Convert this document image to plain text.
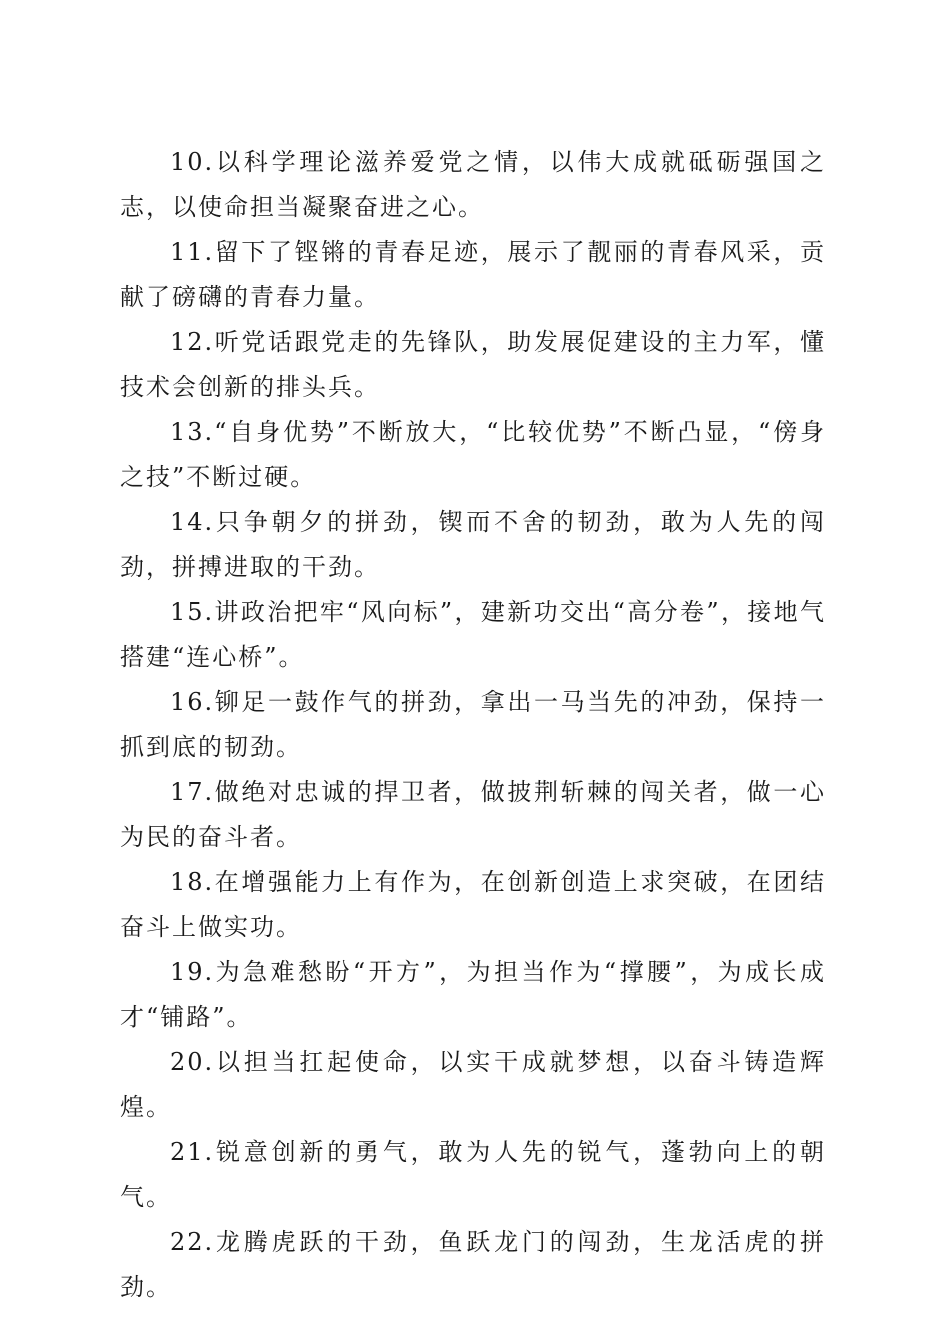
10.以科学理论滋养爱党之情，以伟大成就砥砺强国之志，以使命担当凝聚奋进之心。

11.留下了铿锵的青春足迹，展示了靓丽的青春风采，贡献了磅礴的青春力量。

12.听党话跟党走的先锋队，助发展促建设的主力军，懂技术会创新的排头兵。

13.“自身优势”不断放大，“比较优势”不断凸显，“傍身之技”不断过硬。

14.只争朝夕的拼劲，锲而不舍的韧劲，敢为人先的闯劲，拼搏进取的干劲。

15.讲政治把牢“风向标”，建新功交出“高分卷”，接地气搭建“连心桥”。

16.铆足一鼓作气的拼劲，拿出一马当先的冲劲，保持一抓到底的韧劲。

17.做绝对忠诚的捍卫者，做披荆斩棘的闯关者，做一心为民的奋斗者。

18.在增强能力上有作为，在创新创造上求突破，在团结奋斗上做实功。

19.为急难愁盼“开方”，为担当作为“撑腰”，为成长成才“铺路”。

20.以担当扛起使命，以实干成就梦想，以奋斗铸造辉煌。

21.锐意创新的勇气，敢为人先的锐气，蓬勃向上的朝气。

22.龙腾虎跃的干劲，鱼跃龙门的闯劲，生龙活虎的拼劲。
